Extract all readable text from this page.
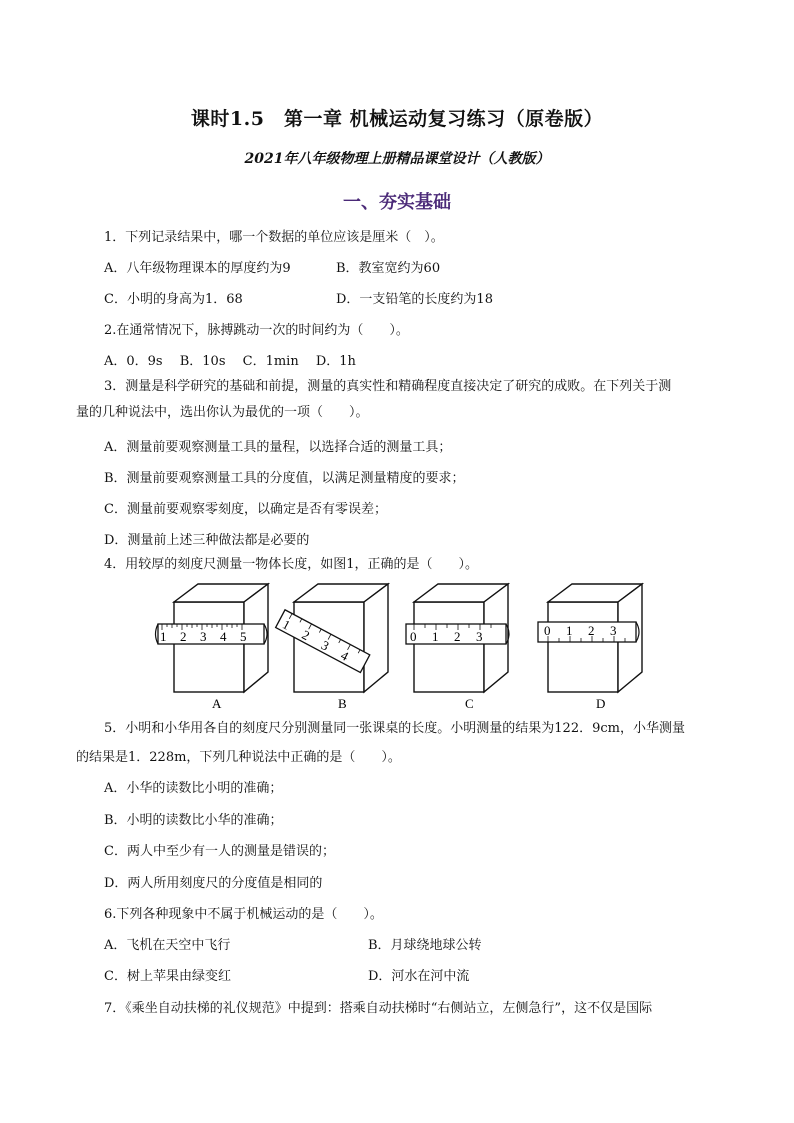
课时1.5　第一章 机械运动复习练习（原卷版）
2021年八年级物理上册精品课堂设计（人教版）
一、夯实基础
1．下列记录结果中，哪一个数据的单位应该是厘米（　）。
A．八年级物理课本的厚度约为9	B．教室宽约为60
C．小明的身高为1．68	D．一支铅笔的长度约为18
2.在通常情况下，脉搏跳动一次的时间约为（　　）。
A．0．9s　 B．10s　 C．1min　 D．1h
3．测量是科学研究的基础和前提，测量的真实性和精确程度直接决定了研究的成败。在下列关于测
量的几种说法中，选出你认为最优的一项（　　）。
A．测量前要观察测量工具的量程，以选择合适的测量工具；
B．测量前要观察测量工具的分度值，以满足测量精度的要求；
C．测量前要观察零刻度，以确定是否有零误差；
D．测量前上述三种做法都是必要的
4．用较厚的刻度尺测量一物体长度，如图1，正确的是（　　）。
1 2 3 4 5
1
2
3
4
0 1 2 3	0 1 2 3
A	B	C	D
5．小明和小华用各自的刻度尺分别测量同一张课桌的长度。小明测量的结果为122．9cm，小华测量
的结果是1．228m，下列几种说法中正确的是（　　）。
A．小华的读数比小明的准确；
B．小明的读数比小华的准确；
C．两人中至少有一人的测量是错误的；
D．两人所用刻度尺的分度值是相同的
6.下列各种现象中不属于机械运动的是（　　）。
A．飞机在天空中飞行	B．月球绕地球公转
C．树上苹果由绿变红	D．河水在河中流
7．《乘坐自动扶梯的礼仪规范》中提到：搭乘自动扶梯时“右侧站立，左侧急行”，这不仅是国际
